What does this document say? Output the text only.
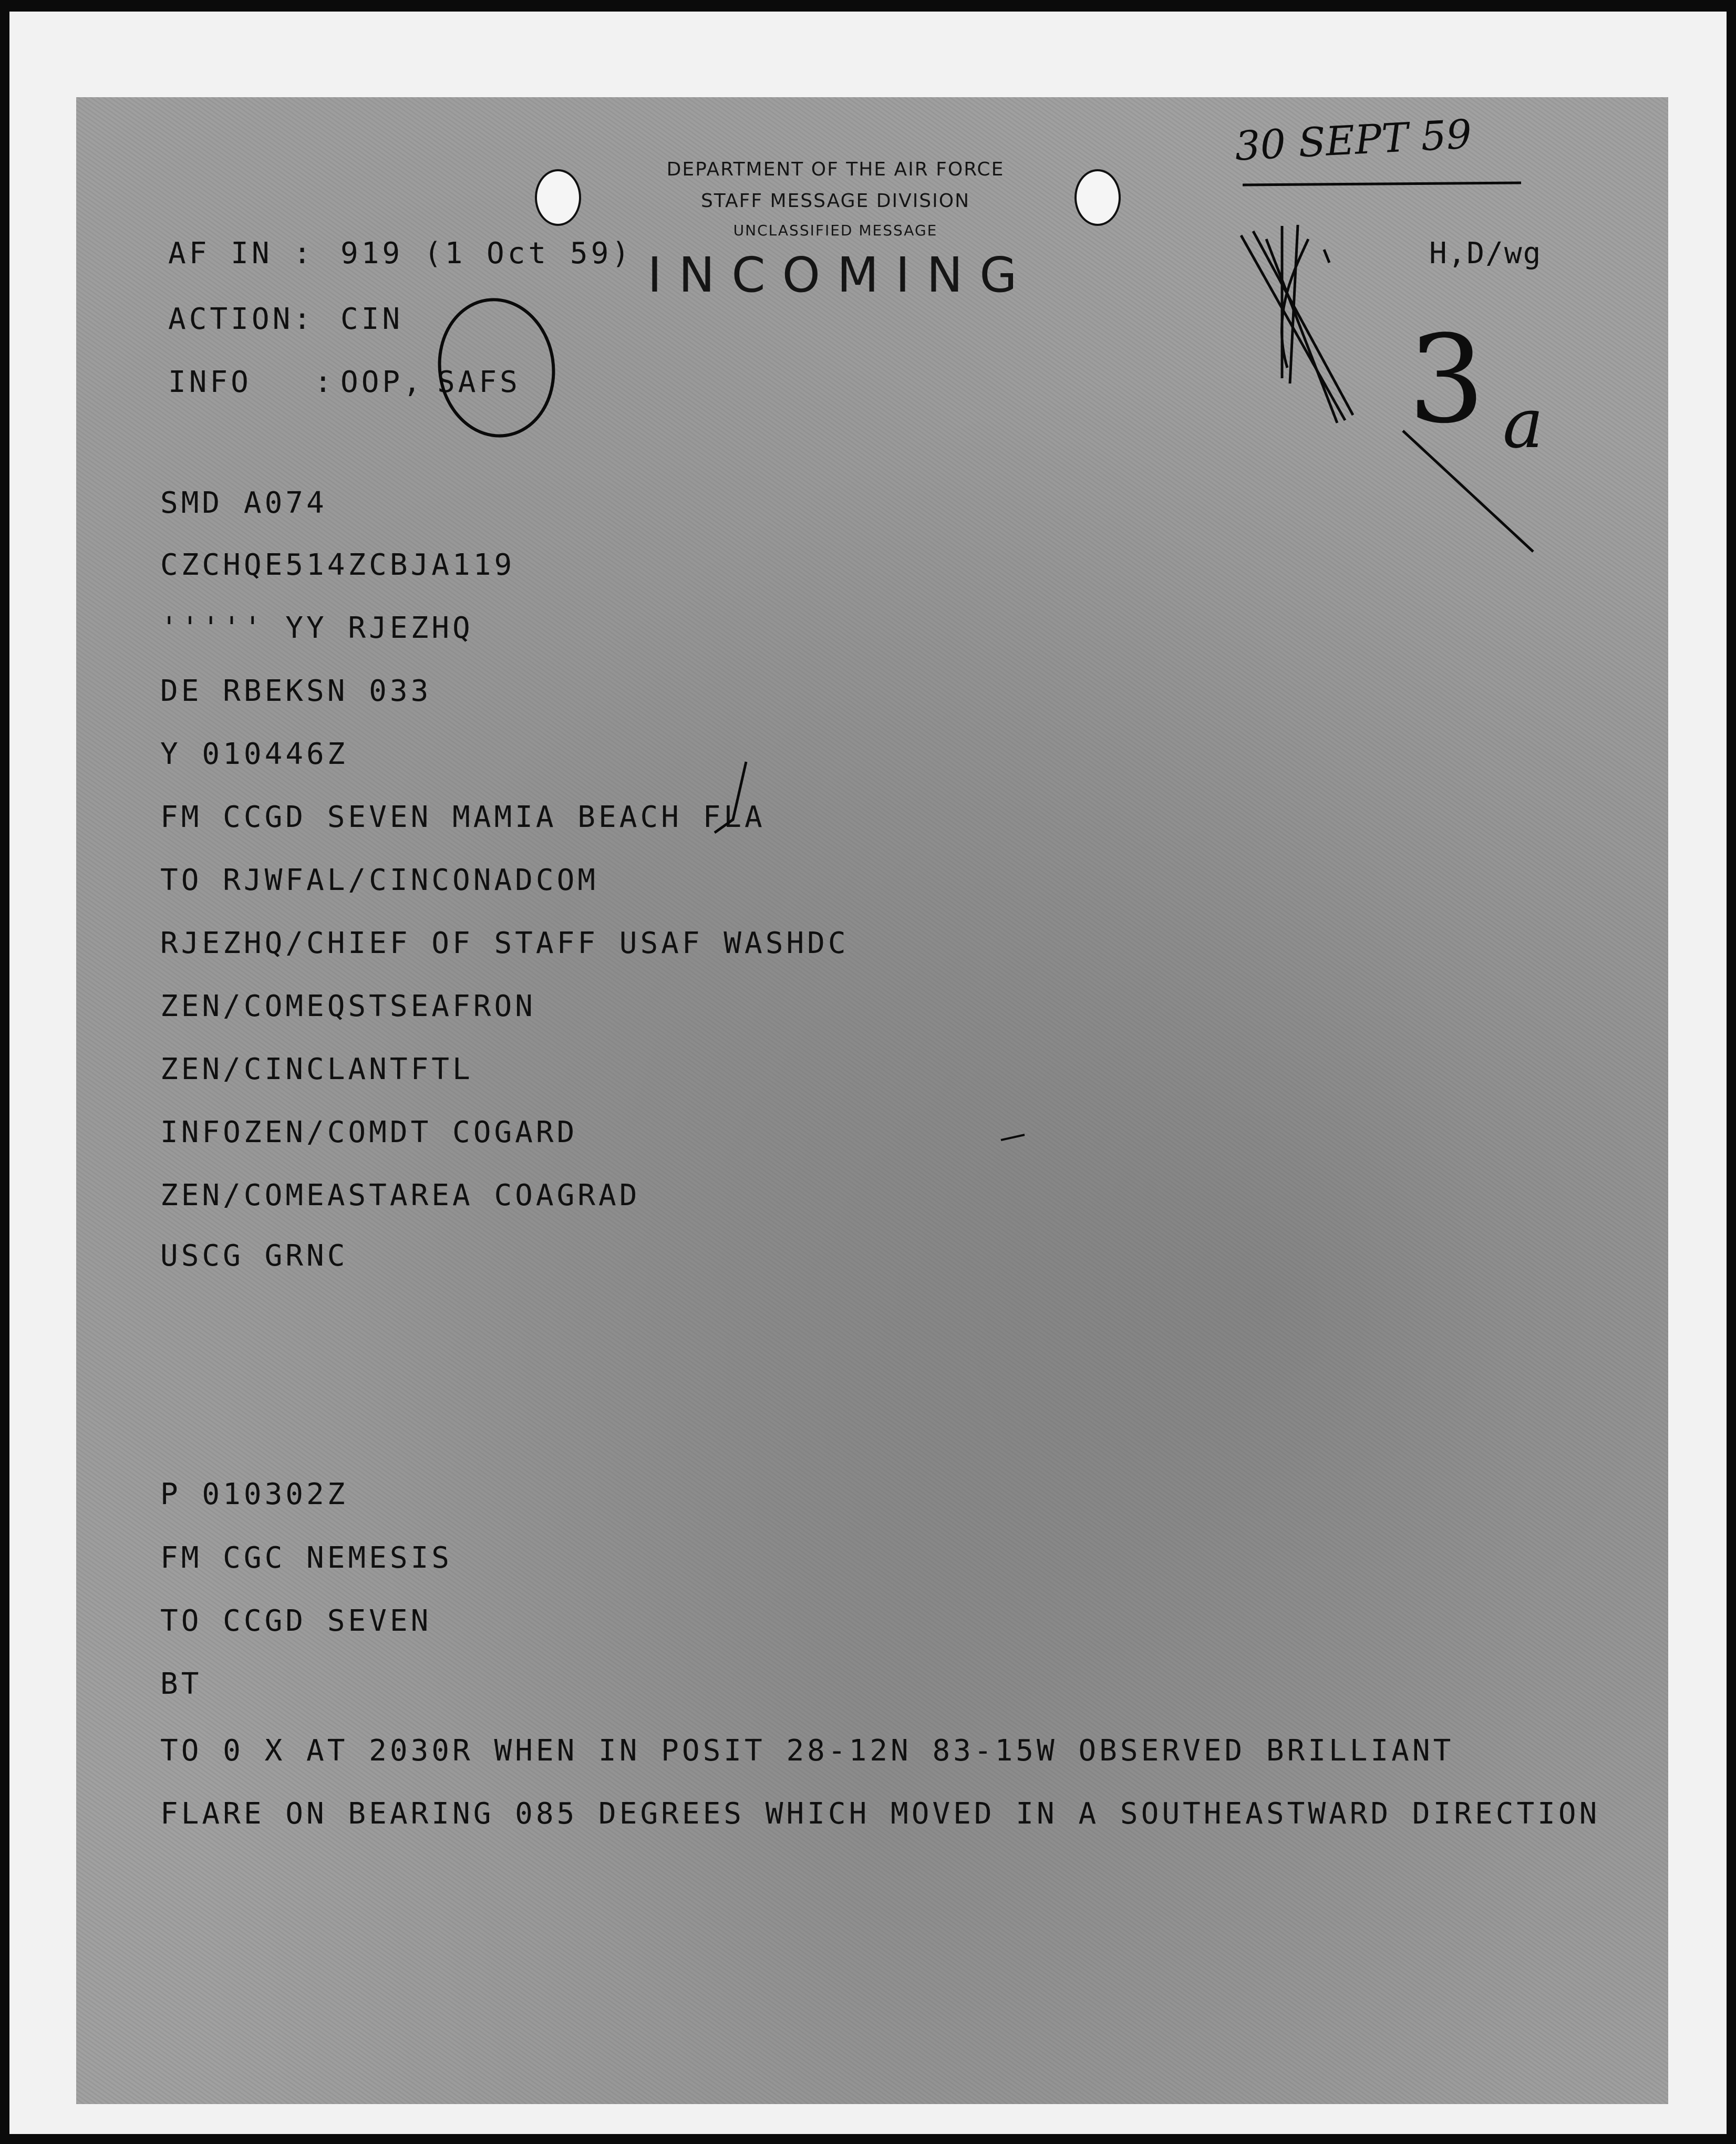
DEPARTMENT OF THE AIR FORCE
STAFF MESSAGE DIVISION
UNCLASSIFIED MESSAGE
INCOMING
AF IN : 919 (1 Oct 59)
ACTION: CIN
INFO   : OOP, SAFS
H,D/wg
30 SEPT 59
3 a
SMD A074
CZCHQE514ZCBJA119
''''' YY RJEZHQ
DE RBEKSN 033
Y 010446Z
FM CCGD SEVEN MAMIA BEACH FLA
TO RJWFAL/CINCONADCOM
RJEZHQ/CHIEF OF STAFF USAF WASHDC
ZEN/COMEQSTSEAFRON
ZEN/CINCLANTFTL
INFOZEN/COMDT COGARD
ZEN/COMEASTAREA COAGRAD
USCG GRNC
P 010302Z
FM CGC NEMESIS
TO CCGD SEVEN
BT
TO 0 X AT 2030R WHEN IN POSIT 28-12N 83-15W OBSERVED BRILLIANT
FLARE ON BEARING 085 DEGREES WHICH MOVED IN A SOUTHEASTWARD DIRECTION
